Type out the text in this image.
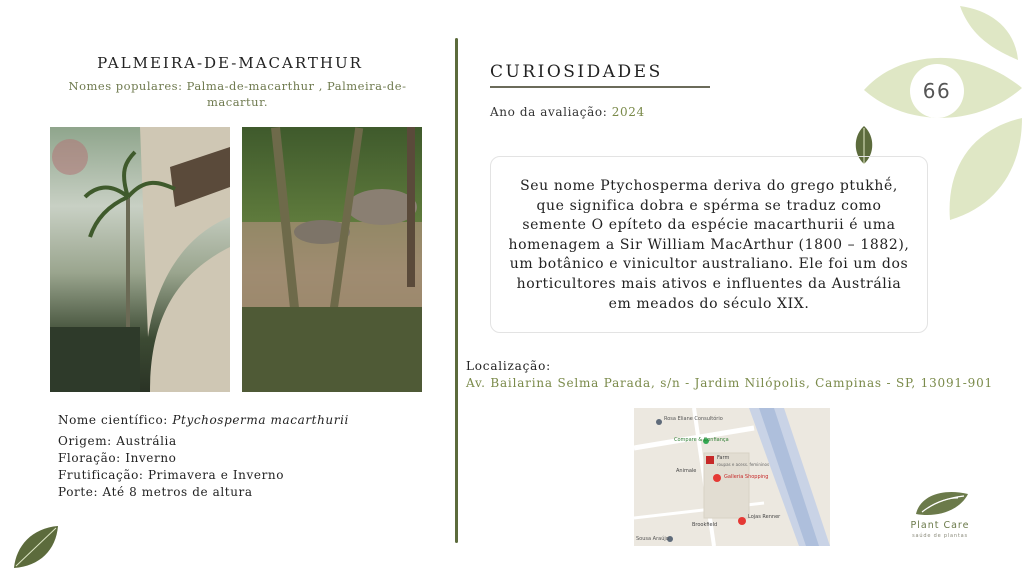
66
PALMEIRA-DE-MACARTHUR
Nomes populares: Palma-de-macarthur , Palmeira-de-macartur.
Nome científico: Ptychosperma macarthurii
Origem: Austrália
Floração: Inverno
Frutificação: Primavera e Inverno
Porte: Até 8 metros de altura
CURIOSIDADES
Ano da avaliação: 2024
Seu nome Ptychosperma deriva do grego ptukhḗ, que significa dobra e spérma se traduz como semente O epíteto da espécie macarthurii é uma homenagem a Sir William MacArthur (1800 – 1882), um botânico e vinicultor australiano. Ele foi um dos horticultores mais ativos e influentes da Austrália em meados do século XIX.
Localização:
Av. Bailarina Selma Parada, s/n - Jardim Nilópolis, Campinas - SP, 13091-901
Rosa Eliane Consultório
Compare & Confiança
Farm
roupas e acess. femininos
Animale
Galleria Shopping
Lojas Renner
Brookfield
Sousa Araújo
Plant Care
saúde de plantas
